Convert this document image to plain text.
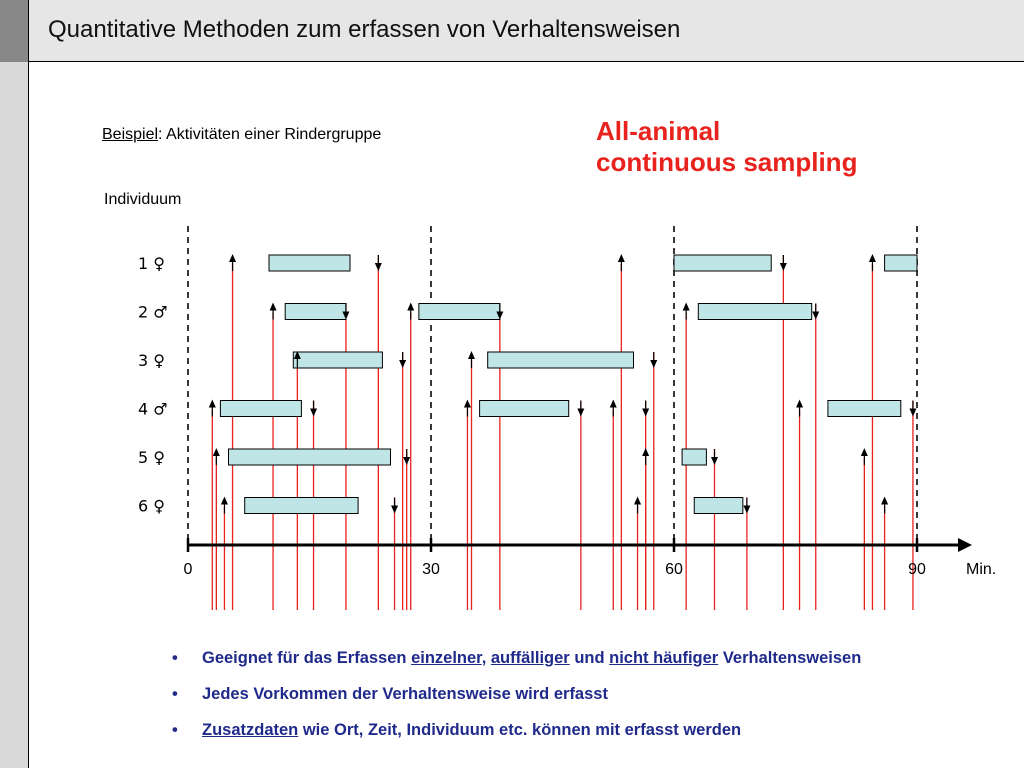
Quantitative Methoden zum erfassen von Verhaltensweisen
Beispiel: Aktivitäten einer Rindergruppe	All-animal
continuous sampling
Individuum
1 ♀
2 ♂
3 ♀
4 ♂
5 ♀
6 ♀
0	30	60	90	Min.
• Geeignet für das Erfassen einzelner, auffälliger und nicht häufiger Verhaltensweisen
• Jedes Vorkommen der Verhaltensweise wird erfasst
• Zusatzdaten wie Ort, Zeit, Individuum etc. können mit erfasst werden
